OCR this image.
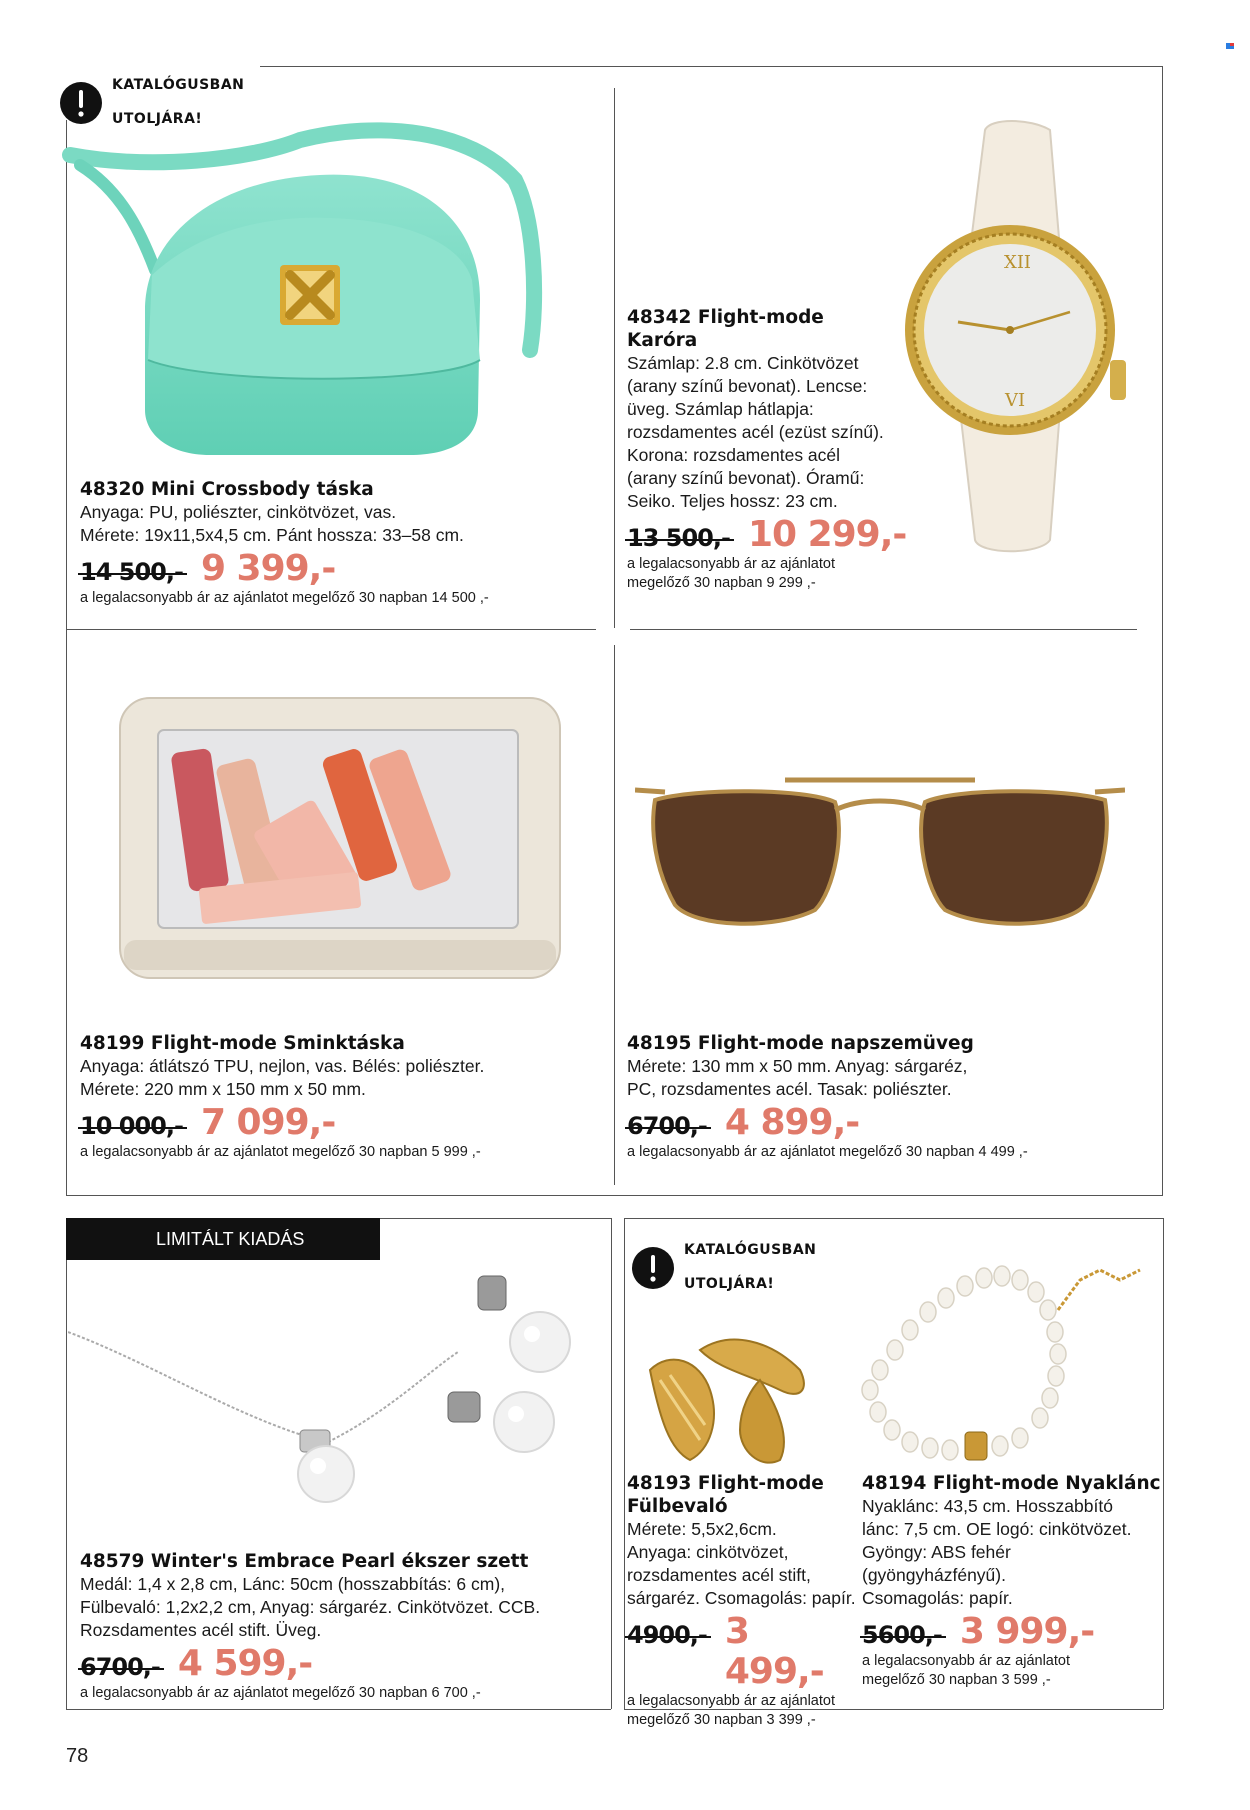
KATALÓGUSBAN

UTOLJÁRA!

48320 Mini Crossbody táska
Anyaga: PU, poliészter, cinkötvözet, vas.
Mérete: 19x11,5x4,5 cm. Pánt hossza: 33–58 cm.
14 500,- 9 399,-
a legalacsonyabb ár az ajánlatot megelőző 30 napban 14 500 ,-
XII
VI
48342 Flight-mode
Karóra
Számlap: 2.8 cm. Cinkötvözet
(arany színű bevonat). Lencse:
üveg. Számlap hátlapja:
rozsdamentes acél (ezüst színű).
Korona: rozsdamentes acél
(arany színű bevonat). Óramű:
Seiko. Teljes hossz: 23 cm.
13 500,- 10 299,-
a legalacsonyabb ár az ajánlatot
megelőző 30 napban 9 299 ,-
48199 Flight-mode Sminktáska
Anyaga: átlátszó TPU, nejlon, vas. Bélés: poliészter.
Mérete: 220 mm x 150 mm x 50 mm.
10 000,- 7 099,-
a legalacsonyabb ár az ajánlatot megelőző 30 napban 5 999 ,-
48195 Flight-mode napszemüveg
Mérete: 130 mm x 50 mm. Anyag: sárgaréz,
PC, rozsdamentes acél. Tasak: poliészter.
6700,- 4 899,-
a legalacsonyabb ár az ajánlatot megelőző 30 napban 4 499 ,-
LIMITÁLT KIADÁS
48579 Winter's Embrace Pearl ékszer szett
Medál: 1,4 x 2,8 cm, Lánc: 50cm (hosszabbítás: 6 cm),
Fülbevaló: 1,2x2,2 cm, Anyag: sárgaréz. Cinkötvözet. CCB.
Rozsdamentes acél stift. Üveg.
6700,- 4 599,-
a legalacsonyabb ár az ajánlatot megelőző 30 napban 6 700 ,-

KATALÓGUSBAN

UTOLJÁRA!

48193 Flight-mode
Fülbevaló
Mérete: 5,5x2,6cm.
Anyaga: cinkötvözet,
rozsdamentes acél stift,
sárgaréz. Csomagolás: papír.
4900,- 3 499,-
a legalacsonyabb ár az ajánlatot
megelőző 30 napban 3 399 ,-
48194 Flight-mode Nyaklánc
Nyaklánc: 43,5 cm. Hosszabbító
lánc: 7,5 cm. OE logó: cinkötvözet.
Gyöngy: ABS fehér
(gyöngyházfényű).
Csomagolás: papír.
5600,- 3 999,-
a legalacsonyabb ár az ajánlatot
megelőző 30 napban 3 599 ,-
78
